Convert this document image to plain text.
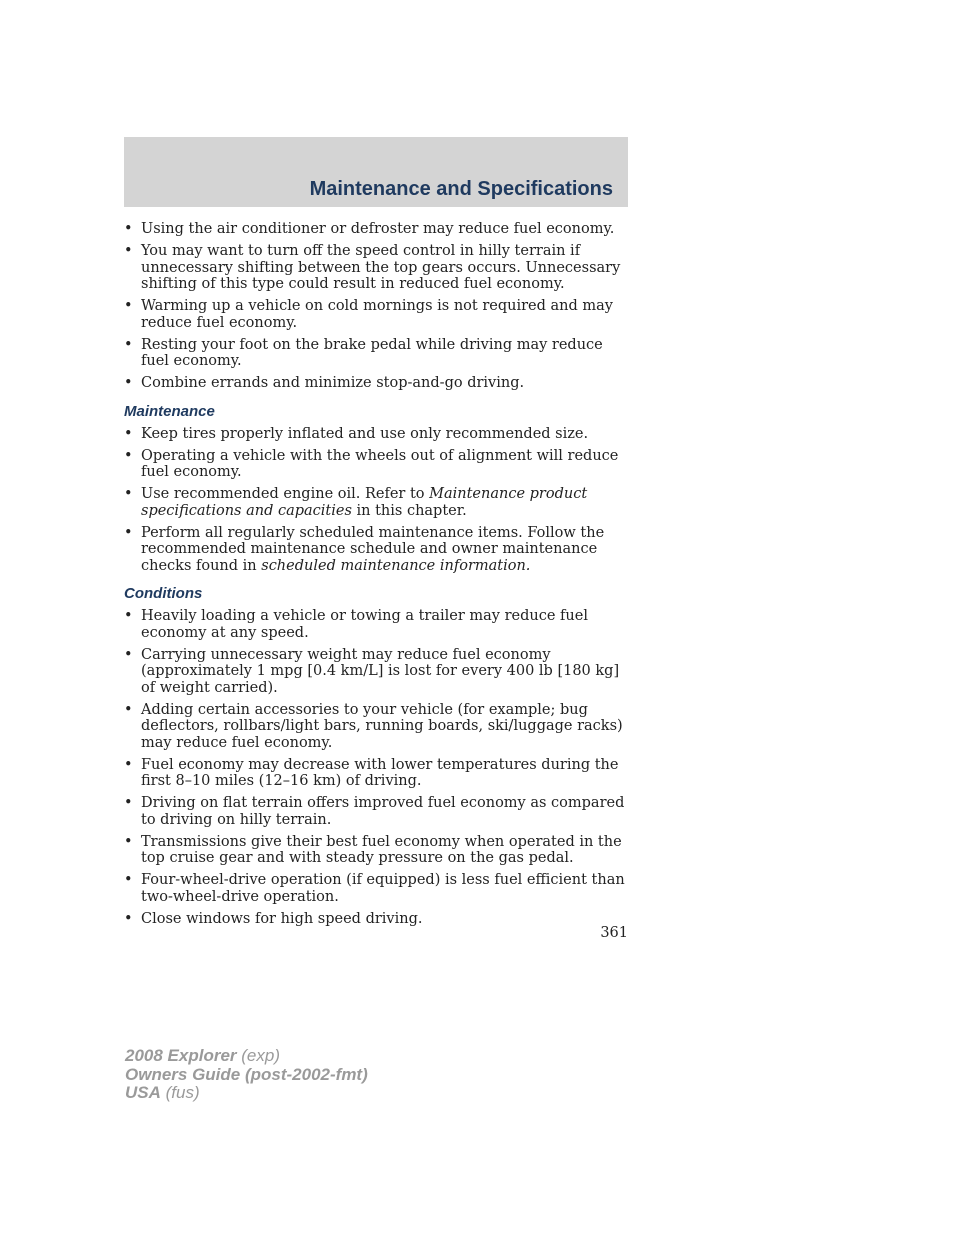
Maintenance and Specifications
• Using the air conditioner or defroster may reduce fuel economy.
• You may want to turn off the speed control in hilly terrain if unnecessary shifting between the top gears occurs. Unnecessary shifting of this type could result in reduced fuel economy.
• Warming up a vehicle on cold mornings is not required and may reduce fuel economy.
• Resting your foot on the brake pedal while driving may reduce fuel economy.
• Combine errands and minimize stop-and-go driving.
Maintenance
• Keep tires properly inflated and use only recommended size.
• Operating a vehicle with the wheels out of alignment will reduce fuel economy.
• Use recommended engine oil. Refer to Maintenance product specifications and capacities in this chapter.
• Perform all regularly scheduled maintenance items. Follow the recommended maintenance schedule and owner maintenance checks found in scheduled maintenance information.
Conditions
• Heavily loading a vehicle or towing a trailer may reduce fuel economy at any speed.
• Carrying unnecessary weight may reduce fuel economy (approximately 1 mpg [0.4 km/L] is lost for every 400 lb [180 kg] of weight carried).
• Adding certain accessories to your vehicle (for example; bug deflectors, rollbars/light bars, running boards, ski/luggage racks) may reduce fuel economy.
• Fuel economy may decrease with lower temperatures during the first 8–10 miles (12–16 km) of driving.
• Driving on flat terrain offers improved fuel economy as compared to driving on hilly terrain.
• Transmissions give their best fuel economy when operated in the top cruise gear and with steady pressure on the gas pedal.
• Four-wheel-drive operation (if equipped) is less fuel efficient than two-wheel-drive operation.
• Close windows for high speed driving.
361
2008 Explorer (exp)
Owners Guide (post-2002-fmt)
USA (fus)
